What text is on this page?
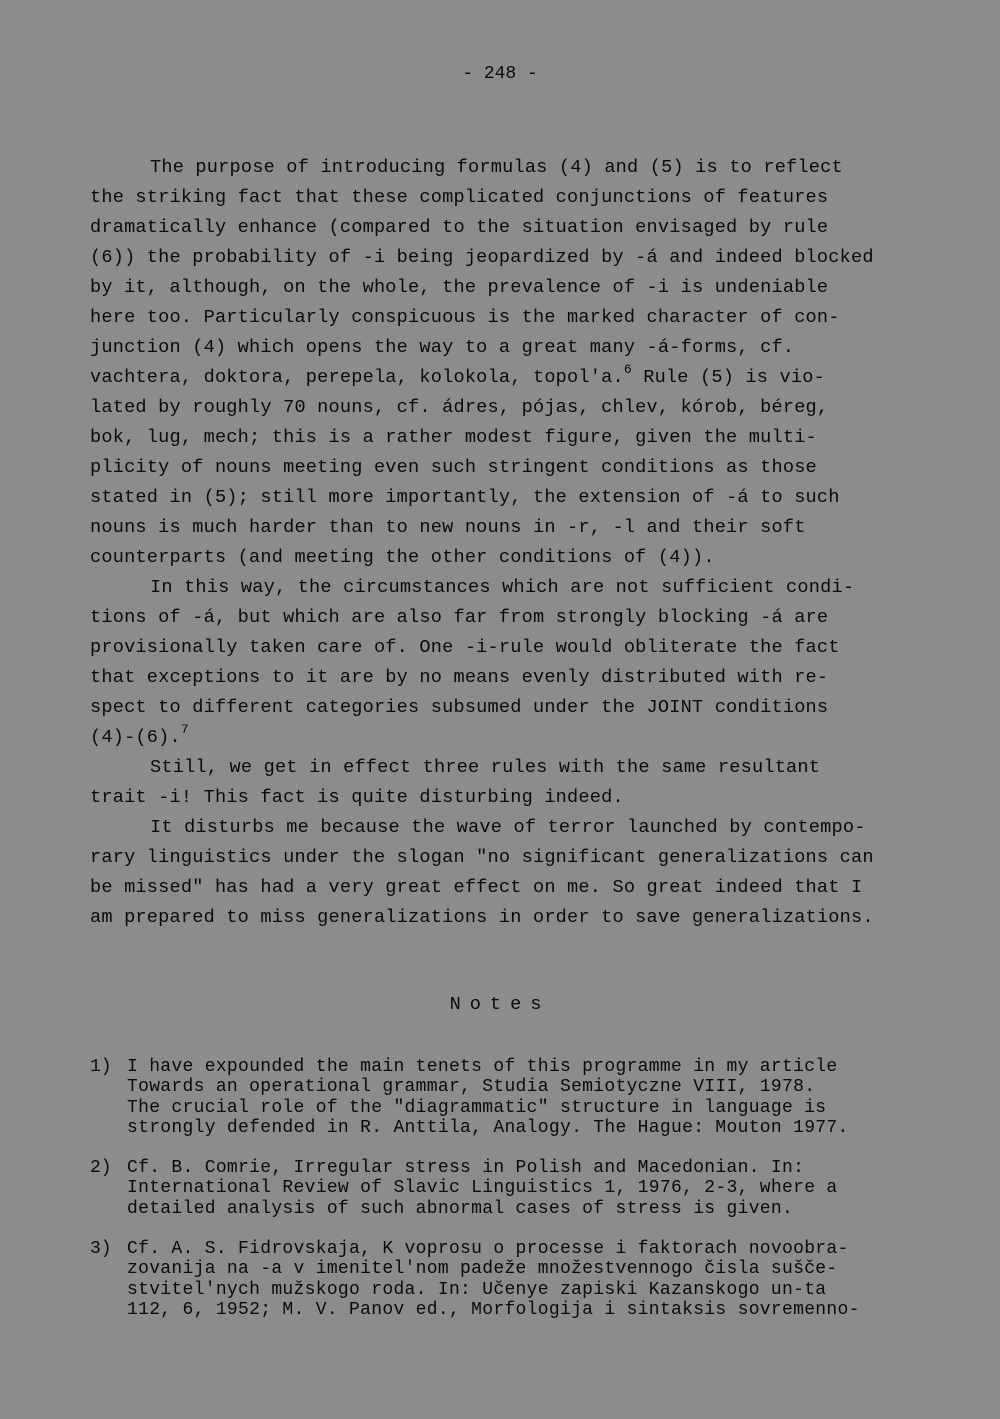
- 248 -
The purpose of introducing formulas (4) and (5) is to reflect
the striking fact that these complicated conjunctions of features
dramatically enhance (compared to the situation envisaged by rule
(6)) the probability of -i being jeopardized by -á and indeed blocked
by it, although, on the whole, the prevalence of -i is undeniable
here too. Particularly conspicuous is the marked character of con-
junction (4) which opens the way to a great many -á-forms, cf.
vachtera, doktora, perepela, kolokola, topol'a.$^6$ Rule (5) is vio-
lated by roughly 70 nouns, cf. ádres, pójas, chlev, kórob, béreg,
bok, lug, mech; this is a rather modest figure, given the multi-
plicity of nouns meeting even such stringent conditions as those
stated in (5); still more importantly, the extension of -á to such
nouns is much harder than to new nouns in -r, -l and their soft
counterparts (and meeting the other conditions of (4)).
In this way, the circumstances which are not sufficient condi-
tions of -á, but which are also far from strongly blocking -á are
provisionally taken care of. One -i-rule would obliterate the fact
that exceptions to it are by no means evenly distributed with re-
spect to different categories subsumed under the JOINT conditions
(4)-(6).$^7$
Still, we get in effect three rules with the same resultant
trait -i! This fact is quite disturbing indeed.
It disturbs me because the wave of terror launched by contempo-
rary linguistics under the slogan "no significant generalizations can
be missed" has had a very great effect on me. So great indeed that I
am prepared to miss generalizations in order to save generalizations.
Notes
1) I have expounded the main tenets of this programme in my article
Towards an operational grammar, Studia Semiotyczne VIII, 1978.
The crucial role of the "diagrammatic" structure in language is
strongly defended in R. Anttila, Analogy. The Hague: Mouton 1977.
2) Cf. B. Comrie, Irregular stress in Polish and Macedonian. In:
International Review of Slavic Linguistics 1, 1976, 2-3, where a
detailed analysis of such abnormal cases of stress is given.
3) Cf. A. S. Fidrovskaja, K voprosu o processe i faktorach novoobra-
zovanija na -a v imenitel'nom padeže množestvennogo čisla sušče-
stvitel'nych mužskogo roda. In: Učenye zapiski Kazanskogo un-ta
112, 6, 1952; M. V. Panov ed., Morfologija i sintaksis sovremenno-
